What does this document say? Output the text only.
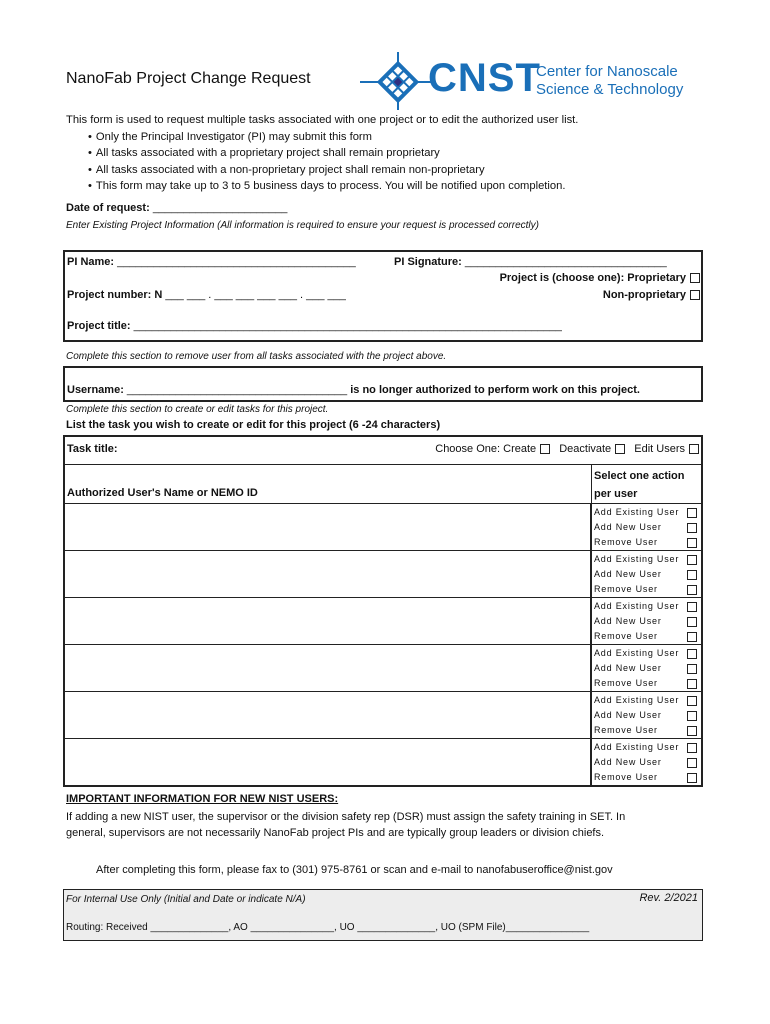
NanoFab Project Change Request	CNST
Center for Nanoscale
Science & Technology
This form is used to request multiple tasks associated with one project or to edit the authorized user list.
• Only the Principal Investigator (PI) may submit this form
• All tasks associated with a proprietary project shall remain proprietary
• All tasks associated with a non-proprietary project shall remain non-proprietary
• This form may take up to 3 to 5 business days to process. You will be notified upon completion.
Date of request: ______________________
Enter Existing Project Information (All information is required to ensure your request is processed correctly)
PI Name: _______________________________________	PI Signature: _________________________________
Project is (choose one): Proprietary
Non-proprietary
Project number: N ___ ___ . ___ ___ ___ ___ . ___ ___
Project title: ______________________________________________________________________
Complete this section to remove user from all tasks associated with the project above.
Username: ____________________________________ is no longer authorized to perform work on this project.
Complete this section to create or edit tasks for this project.
List the task you wish to create or edit for this project (6 -24 characters)
Task title:	Choose One: Create Deactivate Edit Users
Select one action
per user
Authorized User's Name or NEMO ID
Add Existing User
Add New User
Remove User
Add Existing User
Add New User
Remove User
Add Existing User
Add New User
Remove User
Add Existing User
Add New User
Remove User
Add Existing User
Add New User
Remove User
Add Existing User
Add New User
Remove User
IMPORTANT INFORMATION FOR NEW NIST USERS:
If adding a new NIST user, the supervisor or the division safety rep (DSR) must assign the safety training in SET. In
general, supervisors are not necessarily NanoFab project PIs and are typically group leaders or division chiefs.
After completing this form, please fax to (301) 975-8761 or scan and e-mail to nanofabuseroffice@nist.gov
For Internal Use Only (Initial and Date or indicate N/A)	Rev. 2/2021
Routing: Received ______________, AO _______________, UO ______________, UO (SPM File)_______________
